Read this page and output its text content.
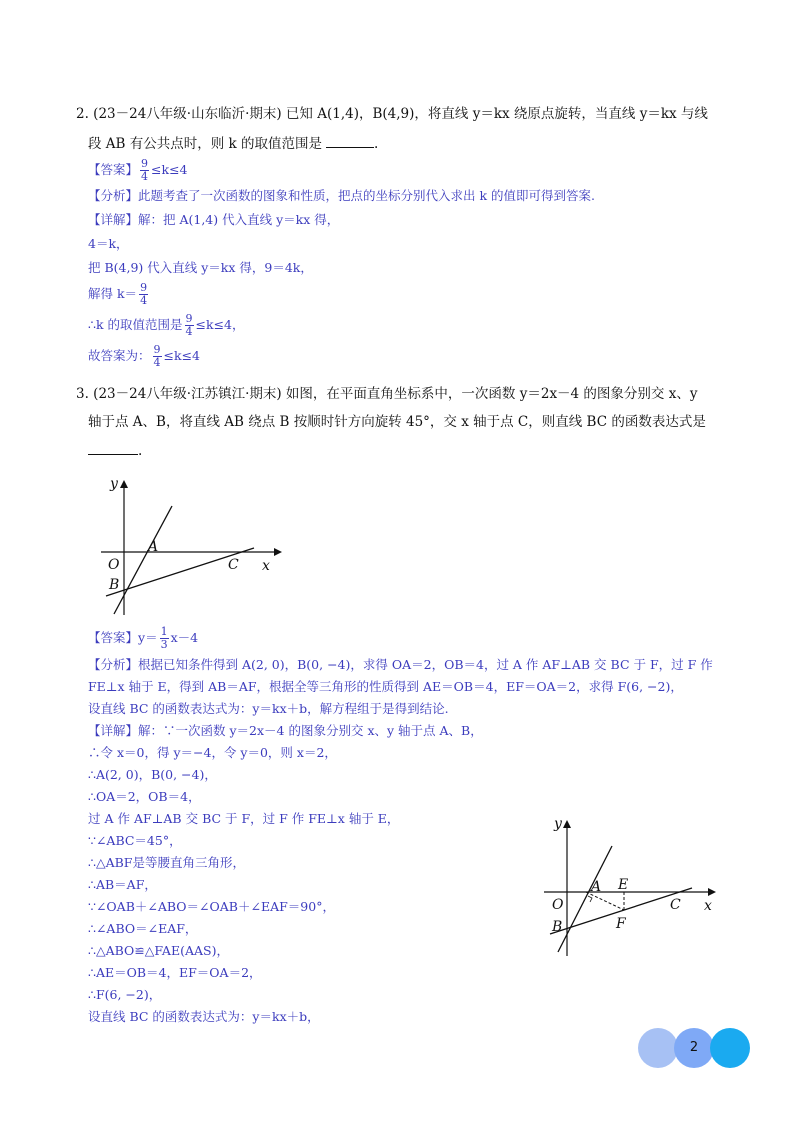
2. (23－24八年级·山东临沂·期末) 已知 A(1,4)，B(4,9)，将直线 y＝kx 绕原点旋转，当直线 y＝kx 与线
段 AB 有公共点时，则 k 的取值范围是	.
【答案】 $\frac{9}{4} \le k\le 4$
【分析】此题考查了一次函数的图象和性质，把点的坐标分别代入求出 k 的值即可得到答案.
【详解】解：把 A(1,4) 代入直线 y＝kx 得，
4＝k，
把 B(4,9) 代入直线 y＝kx 得，9＝4k，
解得 $k= \frac{9}{4}$
∴k 的取值范围是 $\frac{9}{4} \le k\le 4$，
故答案为： $\frac{9}{4} \le k\le 4$
3. (23－24八年级·江苏镇江·期末) 如图，在平面直角坐标系中，一次函数 y＝2x－4 的图象分别交 x、y
轴于点 A、B，将直线 AB 绕点 B 按顺时针方向旋转 45°，交 x 轴于点 C，则直线 BC 的函数表达式是
.
y
x
O
A
B
C
【答案】$y= \frac{1}{3} x-4$
【分析】根据已知条件得到 A(2, 0)，B(0, −4)，求得 OA＝2，OB＝4，过 A 作 AF⊥AB 交 BC 于 F，过 F 作
FE⊥x 轴于 E，得到 AB＝AF，根据全等三角形的性质得到 AE＝OB＝4，EF＝OA＝2，求得 F(6, −2)，
设直线 BC 的函数表达式为：y＝kx＋b，解方程组于是得到结论.
【详解】解：∵一次函数 y＝2x－4 的图象分别交 x、y 轴于点 A、B，
∴令 x＝0，得 y＝−4，令 y＝0，则 x＝2，
∴A(2, 0)，B(0, −4)，
∴OA＝2，OB＝4，
过 A 作 AF⊥AB 交 BC 于 F，过 F 作 FE⊥x 轴于 E，
∵∠ABC＝45°，
∴△ABF是等腰直角三角形，
∴AB＝AF，
∵∠OAB＋∠ABO＝∠OAB＋∠EAF＝90°，
∴∠ABO＝∠EAF，
∴△ABO≌△FAE(AAS)，
∴AE＝OB＝4，EF＝OA＝2，
∴F(6, −2)，
设直线 BC 的函数表达式为：y＝kx＋b，
y
x
O
A
B
C
E
F
2
